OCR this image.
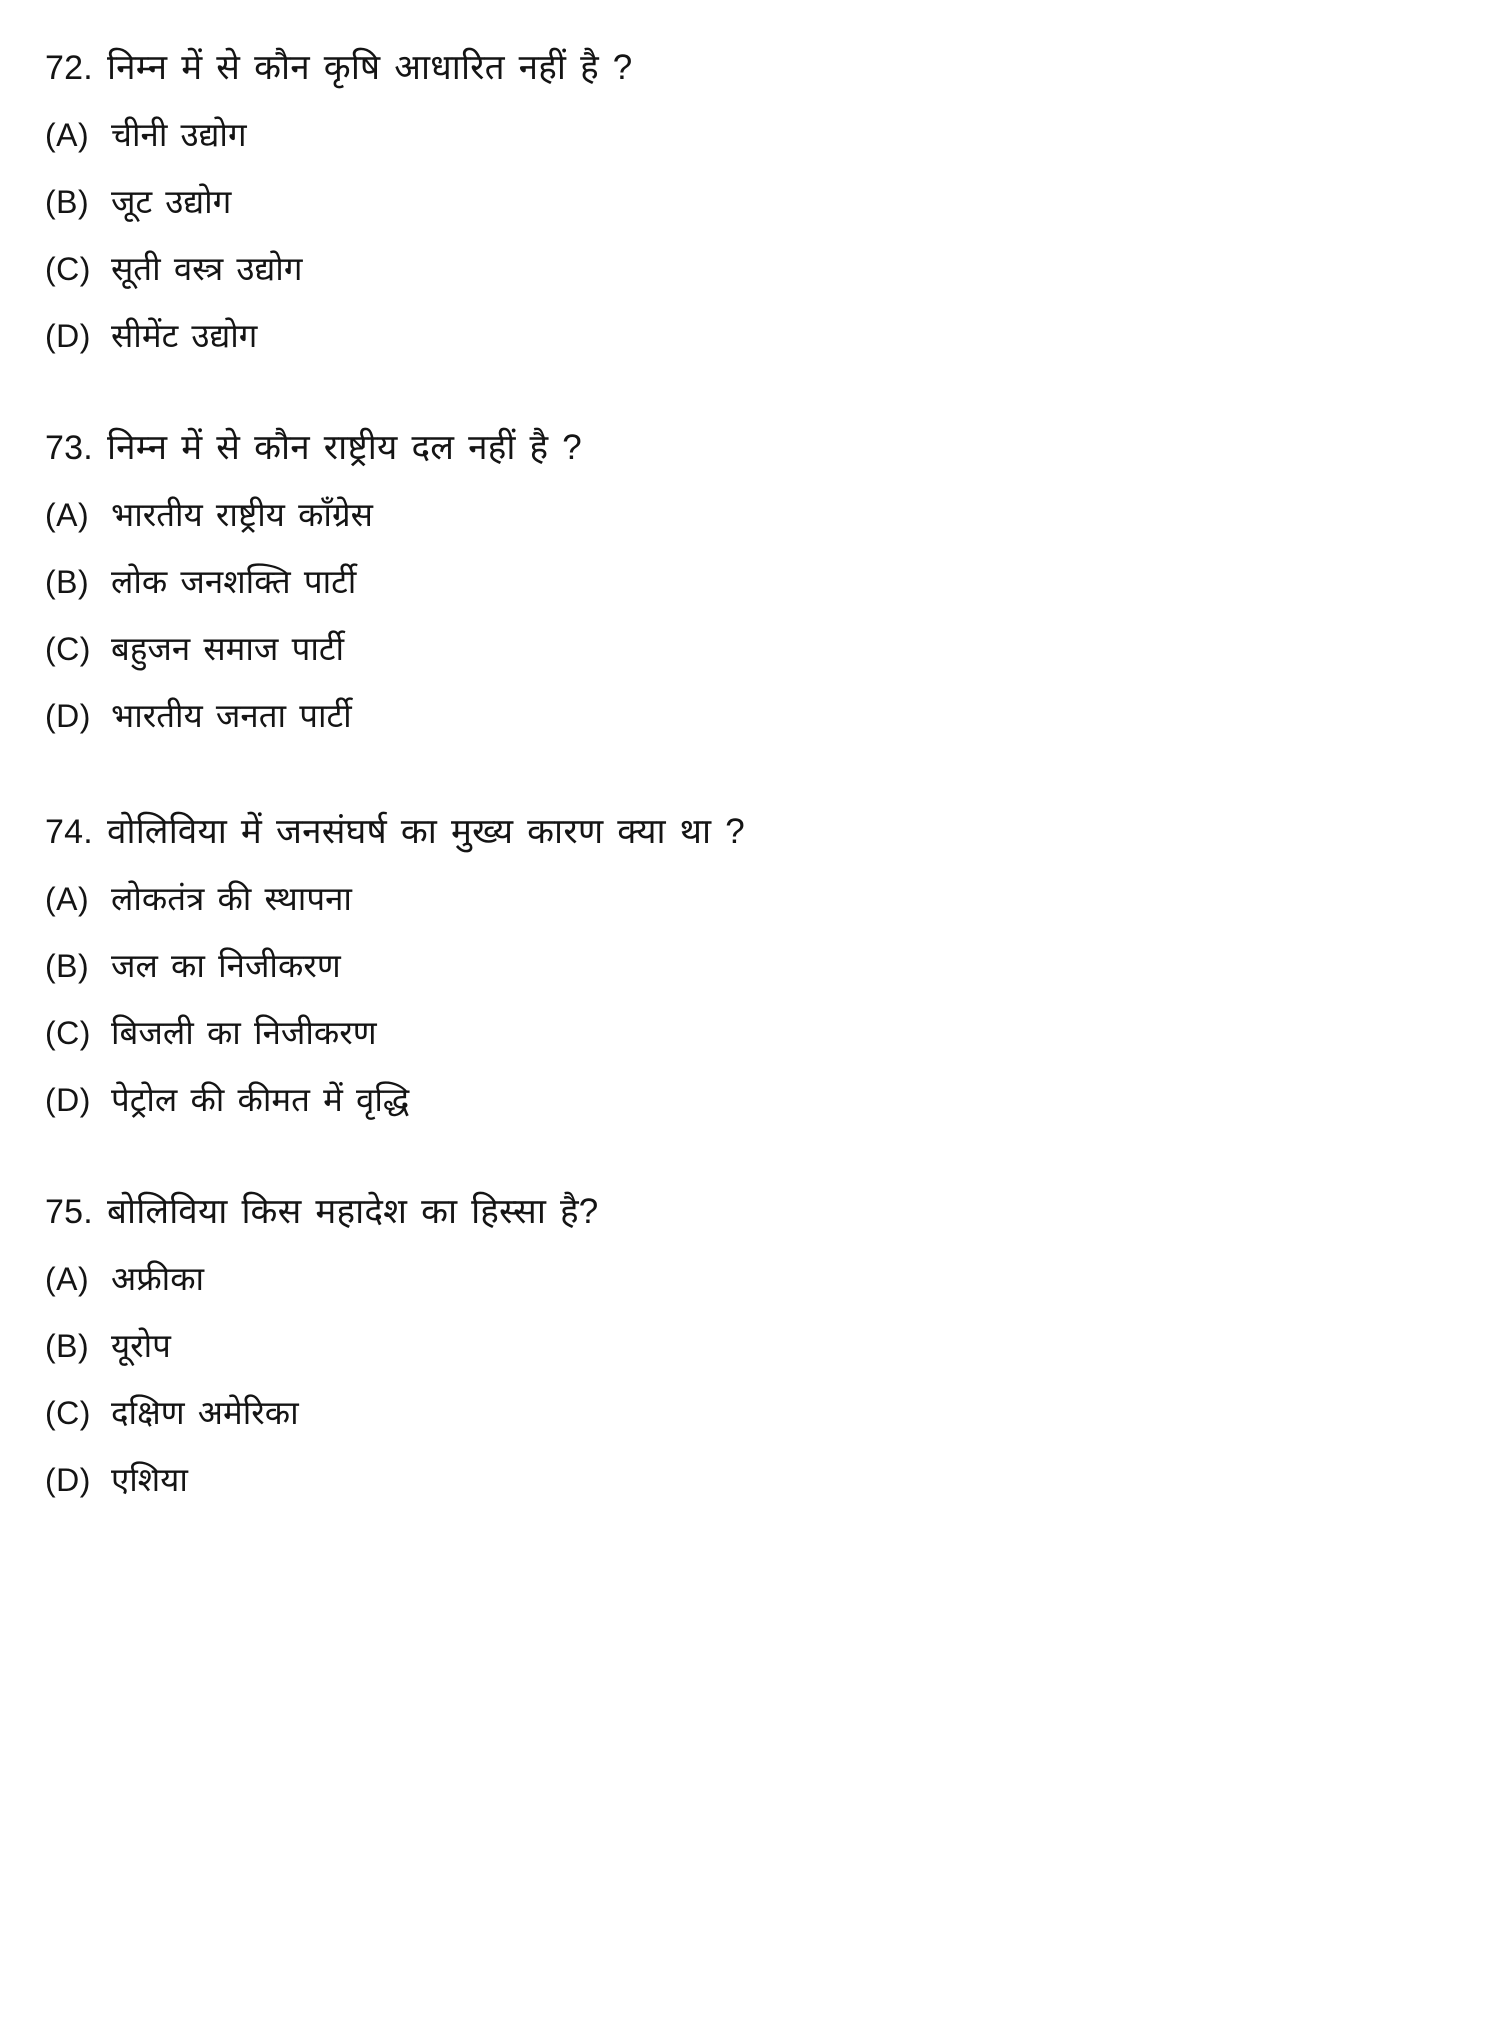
72. निम्न में से कौन कृषि आधारित नहीं है ?
(A) चीनी उद्योग
(B) जूट उद्योग
(C) सूती वस्त्र उद्योग
(D) सीमेंट उद्योग
73. निम्न में से कौन राष्ट्रीय दल नहीं है ?
(A) भारतीय राष्ट्रीय काँग्रेस
(B) लोक जनशक्ति पार्टी
(C) बहुजन समाज पार्टी
(D) भारतीय जनता पार्टी
74. वोलिविया में जनसंघर्ष का मुख्य कारण क्या था ?
(A) लोकतंत्र की स्थापना
(B) जल का निजीकरण
(C) बिजली का निजीकरण
(D) पेट्रोल की कीमत में वृद्धि
75. बोलिविया किस महादेश का हिस्सा है?
(A) अफ्रीका
(B) यूरोप
(C) दक्षिण अमेरिका
(D) एशिया
